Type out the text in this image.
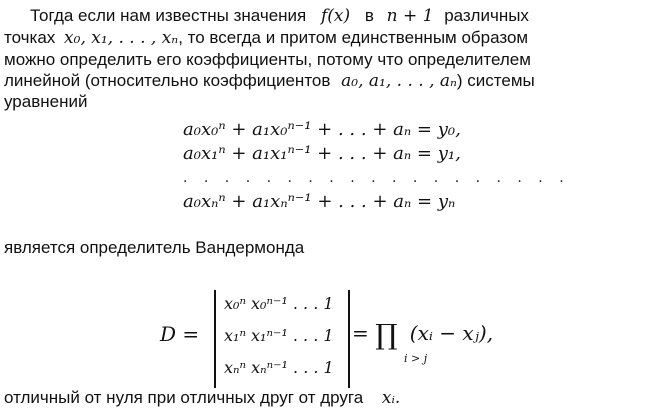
Тогда если нам известны значения f(x) в n + 1 различных
точках x₀, x₁, . . . , xₙ, то всегда и притом единственным образом
можно определить его коэффициенты, потому что определителем
линейной (относительно коэффициентов a₀, a₁, . . . , aₙ) системы
уравнений
a₀x₀ⁿ + a₁x₀ⁿ⁻¹ + . . . + aₙ = y₀,
a₀x₁ⁿ + a₁x₁ⁿ⁻¹ + . . . + aₙ = y₁,
. . . . . . . . . . . . . . . . . . .
a₀xₙⁿ + a₁xₙⁿ⁻¹ + . . . + aₙ = yₙ
является определитель Вандермонда
D =
x₀ⁿ x₀ⁿ⁻¹ . . . 1
x₁ⁿ x₁ⁿ⁻¹ . . . 1
xₙⁿ xₙⁿ⁻¹ . . . 1
= ∏ (xᵢ − xⱼ),
i > j
отличный от нуля при отличных друг от друга xᵢ.
